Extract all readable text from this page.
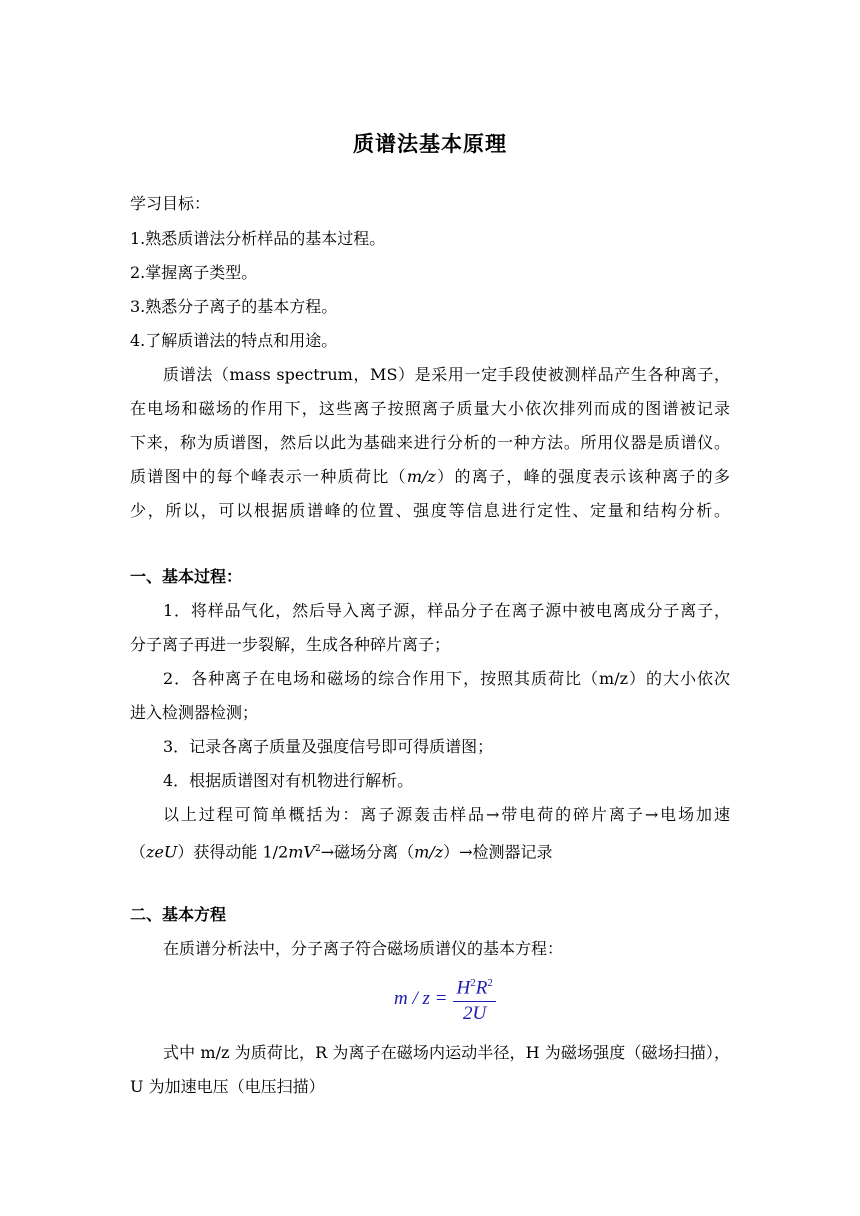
质谱法基本原理
学习目标：
1.熟悉质谱法分析样品的基本过程。
2.掌握离子类型。
3.熟悉分子离子的基本方程。
4.了解质谱法的特点和用途。
质谱法（mass spectrum，MS）是采用一定手段使被测样品产生各种离子，
在电场和磁场的作用下，这些离子按照离子质量大小依次排列而成的图谱被记录
下来，称为质谱图，然后以此为基础来进行分析的一种方法。所用仪器是质谱仪。
质谱图中的每个峰表示一种质荷比（m/z）的离子，峰的强度表示该种离子的多
少，所以，可以根据质谱峰的位置、强度等信息进行定性、定量和结构分析。
一、基本过程：
1．将样品气化，然后导入离子源，样品分子在离子源中被电离成分子离子，
分子离子再进一步裂解，生成各种碎片离子；
2．各种离子在电场和磁场的综合作用下，按照其质荷比（m/z）的大小依次
进入检测器检测；
3．记录各离子质量及强度信号即可得质谱图；
4．根据质谱图对有机物进行解析。
以上过程可简单概括为：离子源轰击样品→带电荷的碎片离子→电场加速
（zeU）获得动能 $1/2mV^2\to$磁场分离（m/z）→检测器记录
二、基本方程
在质谱分析法中，分子离子符合磁场质谱仪的基本方程：
$m / z = \frac{H^2R^2}{2U}$
式中 m/z 为质荷比，R 为离子在磁场内运动半径，H 为磁场强度（磁场扫描），
U 为加速电压（电压扫描）
